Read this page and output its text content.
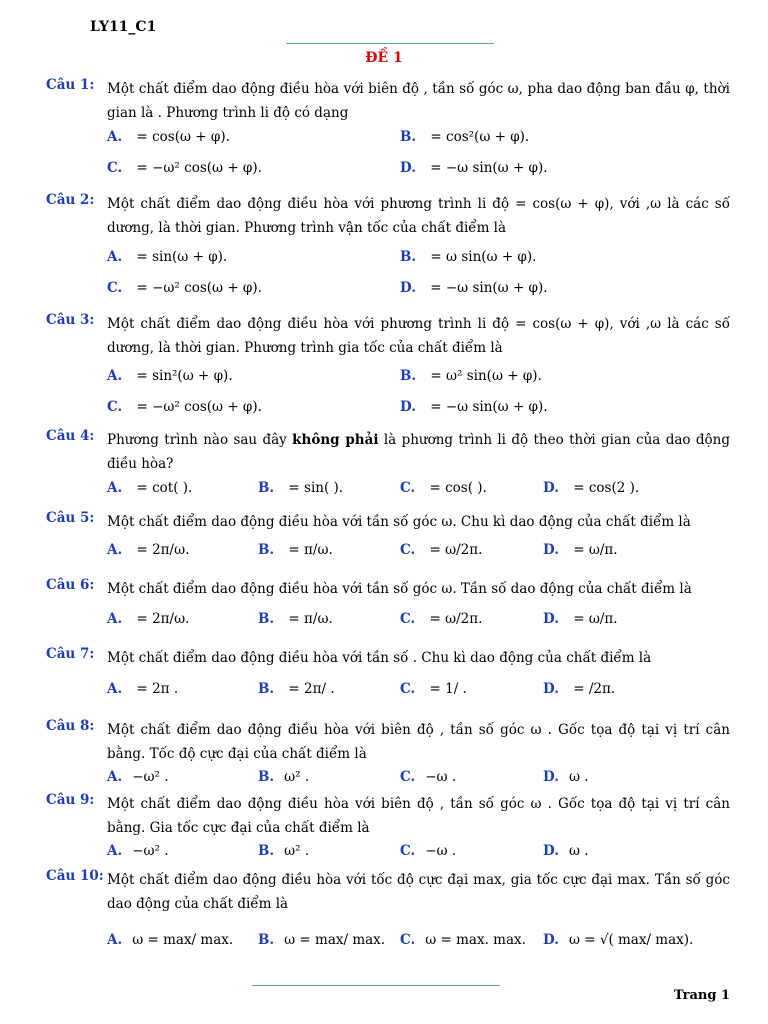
LY11_C1
ĐỀ 1
Câu 1: Một chất điểm dao động điều hòa với biên độ , tần số góc ω, pha dao động ban đầu φ, thời gian là . Phương trình li độ có dạng
A. = cos(ω + φ).	B. = cos²(ω + φ).
C. = −ω² cos(ω + φ).	D. = −ω sin(ω + φ).
Câu 2: Một chất điểm dao động điều hòa với phương trình li độ = cos(ω + φ), với ,ω là các số dương, là thời gian. Phương trình vận tốc của chất điểm là
A. = sin(ω + φ).	B. = ω sin(ω + φ).
C. = −ω² cos(ω + φ).	D. = −ω sin(ω + φ).
Câu 3: Một chất điểm dao động điều hòa với phương trình li độ = cos(ω + φ), với ,ω là các số dương, là thời gian. Phương trình gia tốc của chất điểm là
A. = sin²(ω + φ).	B. = ω² sin(ω + φ).
C. = −ω² cos(ω + φ).	D. = −ω sin(ω + φ).
Câu 4: Phương trình nào sau đây không phải là phương trình li độ theo thời gian của dao động điều hòa?
A. = cot( ).	B. = sin( ).	C. = cos( ).	D. = cos(2 ).
Câu 5: Một chất điểm dao động điều hòa với tần số góc ω. Chu kì dao động của chất điểm là
A. = 2π/ω.	B. = π/ω.	C. = ω/2π.	D. = ω/π.
Câu 6: Một chất điểm dao động điều hòa với tần số góc ω. Tần số dao động của chất điểm là
A. = 2π/ω.	B. = π/ω.	C. = ω/2π.	D. = ω/π.
Câu 7: Một chất điểm dao động điều hòa với tần số . Chu kì dao động của chất điểm là
A. = 2π .	B. = 2π/ .	C. = 1/ .	D. = /2π.
Câu 8: Một chất điểm dao động điều hòa với biên độ , tần số góc ω . Gốc tọa độ tại vị trí cân bằng. Tốc độ cực đại của chất điểm là
A. −ω² .	B. ω² .	C. −ω .	D. ω .
Câu 9: Một chất điểm dao động điều hòa với biên độ , tần số góc ω . Gốc tọa độ tại vị trí cân bằng. Gia tốc cực đại của chất điểm là
A. −ω² .	B. ω² .	C. −ω .	D. ω .
Câu 10: Một chất điểm dao động điều hòa với tốc độ cực đại max, gia tốc cực đại max. Tần số góc dao động của chất điểm là
A. ω = max/ max. B. ω = max/ max. C. ω = max. max. D. ω = √( max/ max).
Trang 1
